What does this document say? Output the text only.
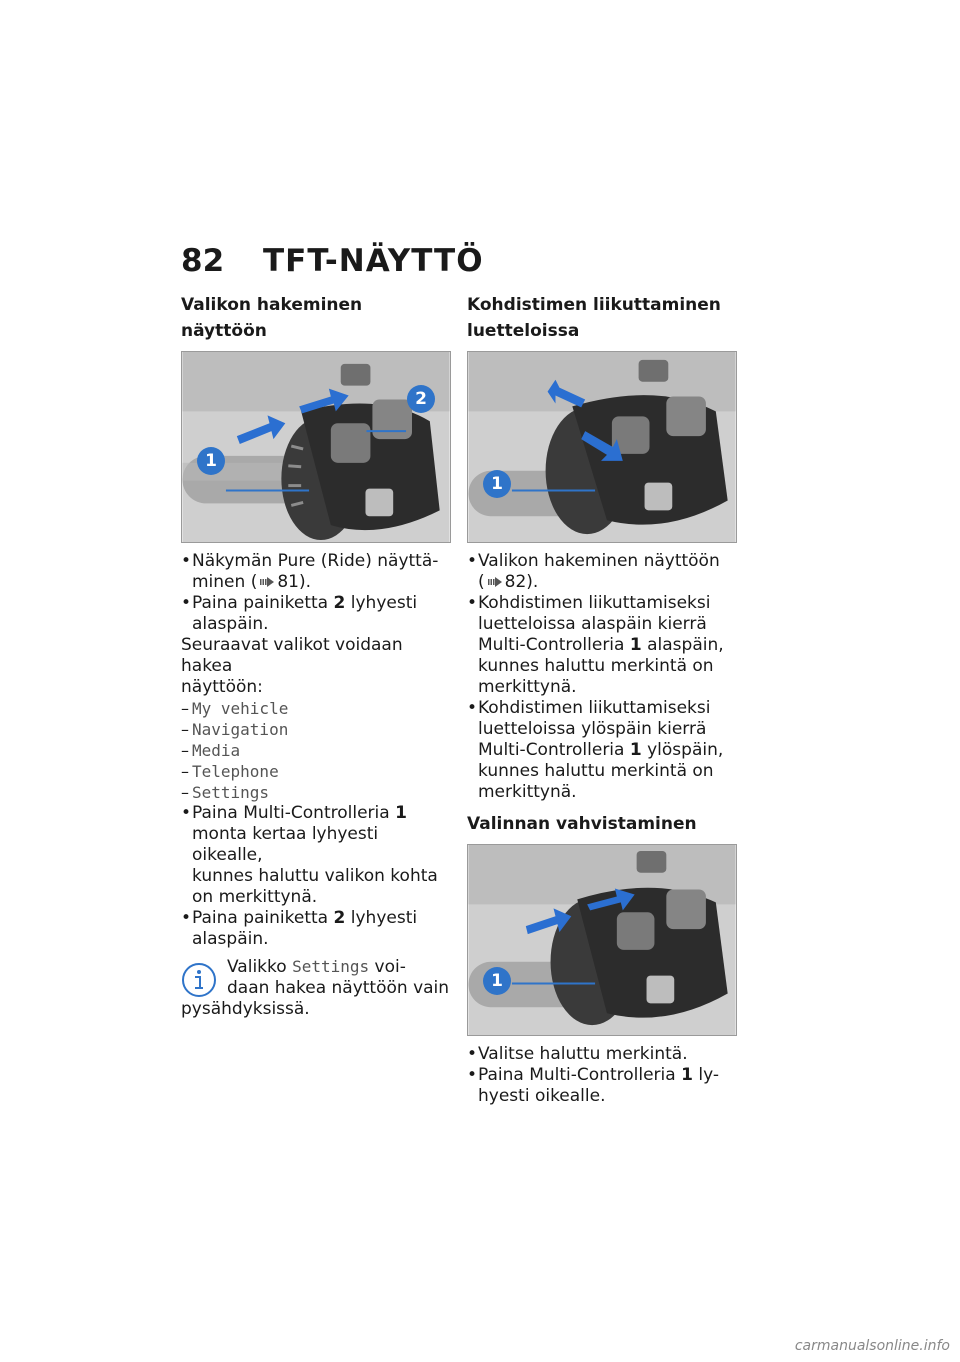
82 TFT-NÄYTTÖ
Valikon hakeminen näyttöön
1
2
• Näkymän Pure (Ride) näyttä-
minen ( 81).
• Paina painiketta 2 lyhyesti
alaspäin.

Seuraavat valikot voidaan hakea
näyttöön:

– My vehicle
– Navigation
– Media
– Telephone
– Settings
• Paina Multi-Controlleria 1
monta kertaa lyhyesti oikealle,
kunnes haluttu valikon kohta
on merkittynä.
• Paina painiketta 2 lyhyesti
alaspäin.
Valikko Settings voi-
daan hakea näyttöön vain

pysähdyksissä.

Kohdistimen liikuttaminen
luetteloissa
1
• Valikon hakeminen näyttöön
( 82).
• Kohdistimen liikuttamiseksi
luetteloissa alaspäin kierrä
Multi-Controlleria 1 alaspäin,
kunnes haluttu merkintä on
merkittynä.
• Kohdistimen liikuttamiseksi
luetteloissa ylöspäin kierrä
Multi-Controlleria 1 ylöspäin,
kunnes haluttu merkintä on
merkittynä.
Valinnan vahvistaminen
1
• Valitse haluttu merkintä.
• Paina Multi-Controlleria 1 ly-
hyesti oikealle.
carmanualsonline.info
